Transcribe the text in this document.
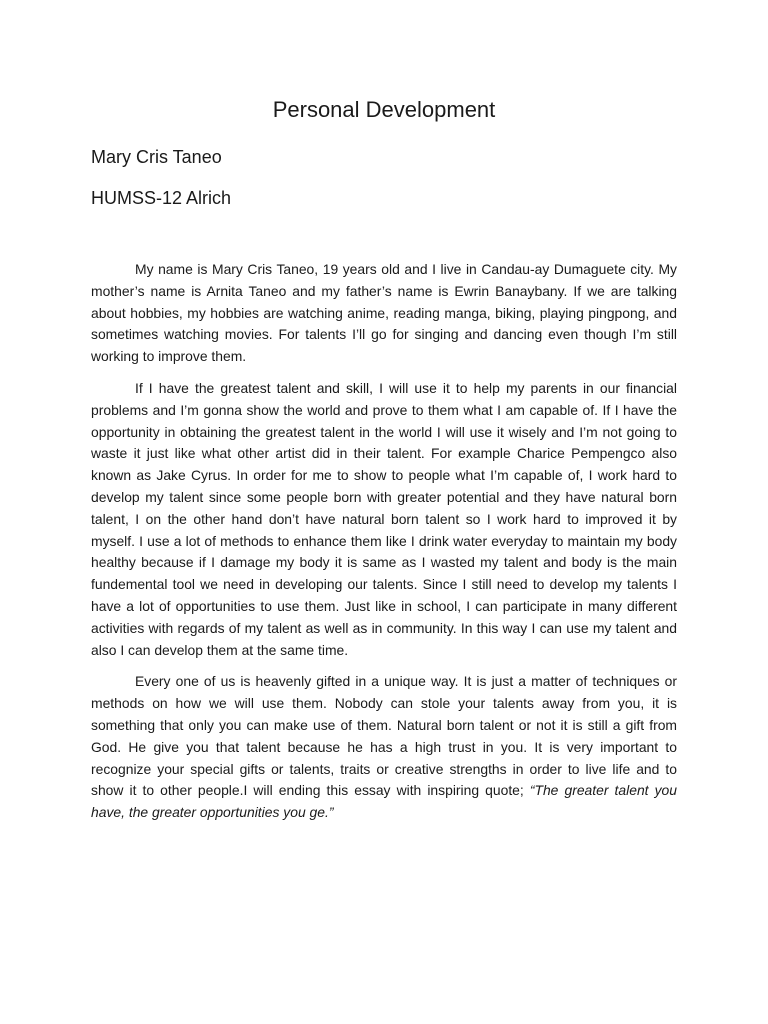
Personal Development

Mary Cris Taneo

HUMSS-12 Alrich

My name is Mary Cris Taneo, 19 years old and I live in Candau-ay Dumaguete city. My mother’s name is Arnita Taneo and my father’s name is Ewrin Banaybany. If we are talking about hobbies, my hobbies are watching anime, reading manga, biking, playing pingpong, and sometimes watching movies. For talents I’ll go for singing and dancing even though I’m still working to improve them.

If I have the greatest talent and skill, I will use it to help my parents in our financial problems and I’m gonna show the world and prove to them what I am capable of. If I have the opportunity in obtaining the greatest talent in the world I will use it wisely and I’m not going to waste it just like what other artist did in their talent. For example Charice Pempengco also known as Jake Cyrus. In order for me to show to people what I’m capable of, I work hard to develop my talent since some people born with greater potential and they have natural born talent, I on the other hand don’t have natural born talent so I work hard to improved it by myself. I use a lot of methods to enhance them like I drink water everyday to maintain my body healthy because if I damage my body it is same as I wasted my talent and body is the main fundemental tool we need in developing our talents. Since I still need to develop my talents I have a lot of opportunities to use them. Just like in school, I can participate in many different activities with regards of my talent as well as in community. In this way I can use my talent and also I can develop them at the same time.

Every one of us is heavenly gifted in a unique way. It is just a matter of techniques or methods on how we will use them. Nobody can stole your talents away from you, it is something that only you can make use of them. Natural born talent or not it is still a gift from God. He give you that talent because he has a high trust in you. It is very important to recognize your special gifts or talents, traits or creative strengths in order to live life and to show it to other people.I will ending this essay with inspiring quote; “The greater talent you have, the greater opportunities you ge.”
